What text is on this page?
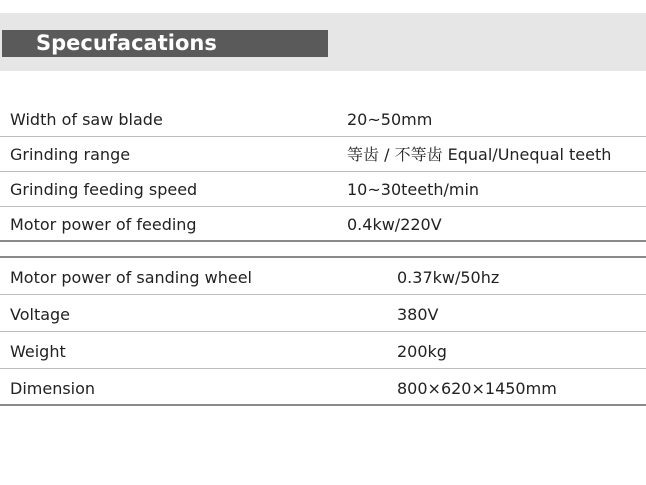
Specufacations
Width of saw blade	20~50mm
Grinding range	等齿 / 不等齿 Equal/Unequal teeth
Grinding feeding speed	10~30teeth/min
Motor power of feeding	0.4kw/220V
Motor power of sanding wheel	0.37kw/50hz
Voltage	380V
Weight	200kg
Dimension	800×620×1450mm
